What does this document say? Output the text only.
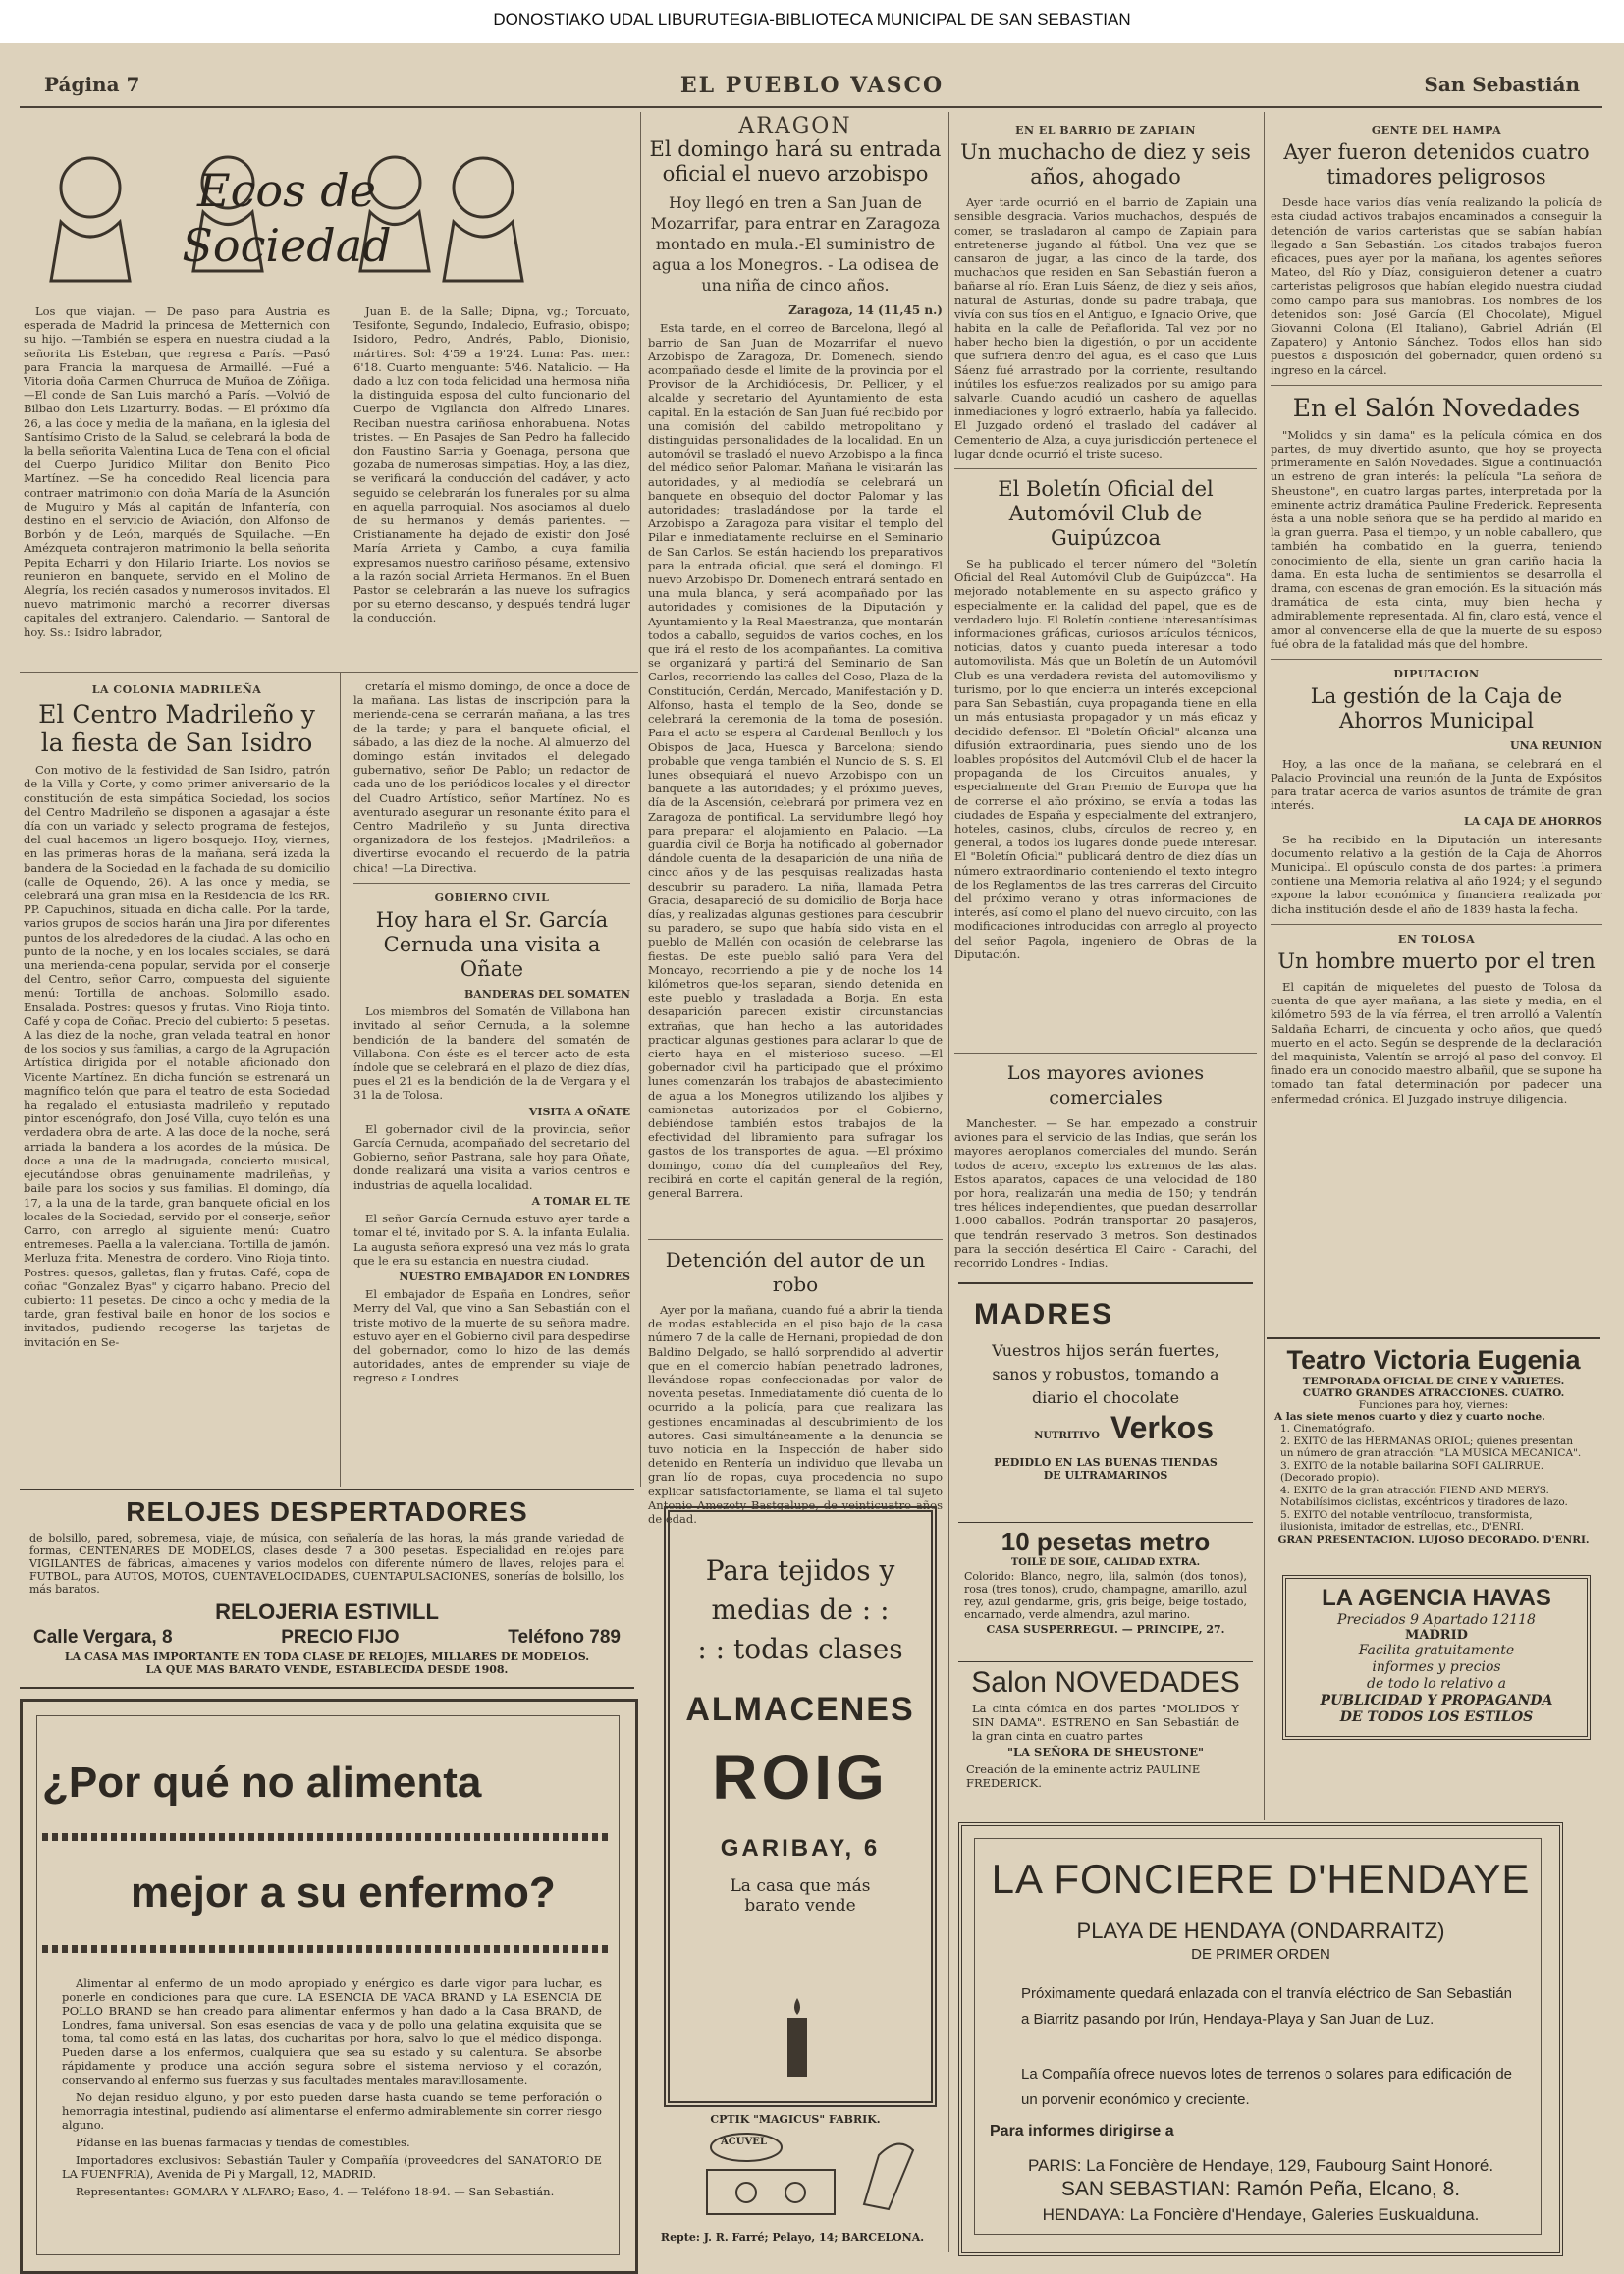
DONOSTIAKO UDAL LIBURUTEGIA-BIBLIOTECA MUNICIPAL DE SAN SEBASTIAN
Página 7	EL PUEBLO VASCO	San Sebastián
Ecos de Sociedad

Los que viajan. — De paso para Austria es esperada de Madrid la princesa de Metternich con su hijo. —También se espera en nuestra ciudad a la señorita Lis Esteban, que regresa a París. —Pasó para Francia la marquesa de Armaillé. —Fué a Vitoria doña Carmen Churruca de Muñoa de Zóñiga. —El conde de San Luis marchó a París. —Volvió de Bilbao don Leis Lizarturry. Bodas. — El próximo día 26, a las doce y media de la mañana, en la iglesia del Santísimo Cristo de la Salud, se celebrará la boda de la bella señorita Valentina Luca de Tena con el oficial del Cuerpo Jurídico Militar don Benito Pico Martínez. —Se ha concedido Real licencia para contraer matrimonio con doña María de la Asunción de Muguiro y Más al capitán de Infantería, con destino en el servicio de Aviación, don Alfonso de Borbón y de León, marqués de Squilache. —En Amézqueta contrajeron matrimonio la bella señorita Pepita Echarri y don Hilario Iriarte. Los novios se reunieron en banquete, servido en el Molino de Alegría, los recién casados y numerosos invitados. El nuevo matrimonio marchó a recorrer diversas capitales del extranjero. Calendario. — Santoral de hoy. Ss.: Isidro labrador,

Juan B. de la Salle; Dipna, vg.; Torcuato, Tesifonte, Segundo, Indalecio, Eufrasio, obispo; Isidoro, Pedro, Andrés, Pablo, Dionisio, mártires. Sol: 4'59 a 19'24. Luna: Pas. mer.: 6'18. Cuarto menguante: 5'46. Natalicio. — Ha dado a luz con toda felicidad una hermosa niña la distinguida esposa del culto funcionario del Cuerpo de Vigilancia don Alfredo Linares. Reciban nuestra cariñosa enhorabuena. Notas tristes. — En Pasajes de San Pedro ha fallecido don Faustino Sarria y Goenaga, persona que gozaba de numerosas simpatías. Hoy, a las diez, se verificará la conducción del cadáver, y acto seguido se celebrarán los funerales por su alma en aquella parroquial. Nos asociamos al duelo de su hermanos y demás parientes. —Cristianamente ha dejado de existir don José María Arrieta y Cambo, a cuya familia expresamos nuestro cariñoso pésame, extensivo a la razón social Arrieta Hermanos. En el Buen Pastor se celebrarán a las nueve los sufragios por su eterno descanso, y después tendrá lugar la conducción.

LA COLONIA MADRILEÑA
El Centro Madrileño y la fiesta de San Isidro

Con motivo de la festividad de San Isidro, patrón de la Villa y Corte, y como primer aniversario de la constitución de esta simpática Sociedad, los socios del Centro Madrileño se disponen a agasajar a éste día con un variado y selecto programa de festejos, del cual hacemos un ligero bosquejo. Hoy, viernes, en las primeras horas de la mañana, será izada la bandera de la Sociedad en la fachada de su domicilio (calle de Oquendo, 26). A las once y media, se celebrará una gran misa en la Residencia de los RR. PP. Capuchinos, situada en dicha calle. Por la tarde, varios grupos de socios harán una Jira por diferentes puntos de los alrededores de la ciudad. A las ocho en punto de la noche, y en los locales sociales, se dará una merienda-cena popular, servida por el conserje del Centro, señor Carro, compuesta del siguiente menú: Tortilla de anchoas. Solomillo asado. Ensalada. Postres: quesos y frutas. Vino Rioja tinto. Café y copa de Coñac. Precio del cubierto: 5 pesetas. A las diez de la noche, gran velada teatral en honor de los socios y sus familias, a cargo de la Agrupación Artística dirigida por el notable aficionado don Vicente Martínez. En dicha función se estrenará un magnífico telón que para el teatro de esta Sociedad ha regalado el entusiasta madrileño y reputado pintor escenógrafo, don José Villa, cuyo telón es una verdadera obra de arte. A las doce de la noche, será arriada la bandera a los acordes de la música. De doce a una de la madrugada, concierto musical, ejecutándose obras genuinamente madrileñas, y baile para los socios y sus familias. El domingo, día 17, a la una de la tarde, gran banquete oficial en los locales de la Sociedad, servido por el conserje, señor Carro, con arreglo al siguiente menú: Cuatro entremeses. Paella a la valenciana. Tortilla de jamón. Merluza frita. Menestra de cordero. Vino Rioja tinto. Postres: quesos, galletas, flan y frutas. Café, copa de coñac "Gonzalez Byas" y cigarro habano. Precio del cubierto: 11 pesetas. De cinco a ocho y media de la tarde, gran festival baile en honor de los socios e invitados, pudiendo recogerse las tarjetas de invitación en Se-

cretaría el mismo domingo, de once a doce de la mañana. Las listas de inscripción para la merienda-cena se cerrarán mañana, a las tres de la tarde; y para el banquete oficial, el sábado, a las diez de la noche. Al almuerzo del domingo están invitados el delegado gubernativo, señor De Pablo; un redactor de cada uno de los periódicos locales y el director del Cuadro Artístico, señor Martínez. No es aventurado asegurar un resonante éxito para el Centro Madrileño y su Junta directiva organizadora de los festejos. ¡Madrileños: a divertirse evocando el recuerdo de la patria chica! —La Directiva.

GOBIERNO CIVIL
Hoy hara el Sr. García Cernuda una visita a Oñate
BANDERAS DEL SOMATEN

Los miembros del Somatén de Villabona han invitado al señor Cernuda, a la solemne bendición de la bandera del somatén de Villabona. Con éste es el tercer acto de esta índole que se celebrará en el plazo de diez días, pues el 21 es la bendición de la de Vergara y el 31 la de Tolosa.

VISITA A OÑATE

El gobernador civil de la provincia, señor García Cernuda, acompañado del secretario del Gobierno, señor Pastrana, sale hoy para Oñate, donde realizará una visita a varios centros e industrias de aquella localidad.

A TOMAR EL TE

El señor García Cernuda estuvo ayer tarde a tomar el té, invitado por S. A. la infanta Eulalia. La augusta señora expresó una vez más lo grata que le era su estancia en nuestra ciudad.

NUESTRO EMBAJADOR EN LONDRES

El embajador de España en Londres, señor Merry del Val, que vino a San Sebastián con el triste motivo de la muerte de su señora madre, estuvo ayer en el Gobierno civil para despedirse del gobernador, como lo hizo de las demás autoridades, antes de emprender su viaje de regreso a Londres.

RELOJES DESPERTADORES
de bolsillo, pared, sobremesa, viaje, de música, con señalería de las horas, la más grande variedad de formas, CENTENARES DE MODELOS, clases desde 7 a 300 pesetas. Especialidad en relojes para VIGILANTES de fábricas, almacenes y varios modelos con diferente número de llaves, relojes para el FUTBOL, para AUTOS, MOTOS, CUENTAVELOCIDADES, CUENTAPULSACIONES, sonerías de bolsillo, los más baratos.
RELOJERIA ESTIVILL
Calle Vergara, 8	PRECIO FIJO	Teléfono 789
LA CASA MAS IMPORTANTE EN TODA CLASE DE RELOJES, MILLARES DE MODELOS.
LA QUE MAS BARATO VENDE, ESTABLECIDA DESDE 1908.
¿Por qué no alimenta
mejor a su enfermo?

Alimentar al enfermo de un modo apropiado y enérgico es darle vigor para luchar, es ponerle en condiciones para que cure. LA ESENCIA DE VACA BRAND y LA ESENCIA DE POLLO BRAND se han creado para alimentar enfermos y han dado a la Casa BRAND, de Londres, fama universal. Son esas esencias de vaca y de pollo una gelatina exquisita que se toma, tal como está en las latas, dos cucharitas por hora, salvo lo que el médico disponga. Pueden darse a los enfermos, cualquiera que sea su estado y su calentura. Se absorbe rápidamente y produce una acción segura sobre el sistema nervioso y el corazón, conservando al enfermo sus fuerzas y sus facultades mentales maravillosamente.

No dejan residuo alguno, y por esto pueden darse hasta cuando se teme perforación o hemorragia intestinal, pudiendo así alimentarse el enfermo admirablemente sin correr riesgo alguno.

Pídanse en las buenas farmacias y tiendas de comestibles.

Importadores exclusivos: Sebastián Tauler y Compañía (proveedores del SANATORIO DE LA FUENFRIA), Avenida de Pi y Margall, 12, MADRID.

Representantes: GOMARA Y ALFARO; Easo, 4. — Teléfono 18-94. — San Sebastián.

ARAGON
El domingo hará su entrada oficial el nuevo arzobispo
Hoy llegó en tren a San Juan de Mozarrifar, para entrar en Zaragoza montado en mula.-El suministro de agua a los Monegros. - La odisea de una niña de cinco años.
Zaragoza, 14 (11,45 n.)

Esta tarde, en el correo de Barcelona, llegó al barrio de San Juan de Mozarrifar el nuevo Arzobispo de Zaragoza, Dr. Domenech, siendo acompañado desde el límite de la provincia por el Provisor de la Archidiócesis, Dr. Pellicer, y el alcalde y secretario del Ayuntamiento de esta capital. En la estación de San Juan fué recibido por una comisión del cabildo metropolitano y distinguidas personalidades de la localidad. En un automóvil se trasladó el nuevo Arzobispo a la finca del médico señor Palomar. Mañana le visitarán las autoridades, y al mediodía se celebrará un banquete en obsequio del doctor Palomar y las autoridades; trasladándose por la tarde el Arzobispo a Zaragoza para visitar el templo del Pilar e inmediatamente recluirse en el Seminario de San Carlos. Se están haciendo los preparativos para la entrada oficial, que será el domingo. El nuevo Arzobispo Dr. Domenech entrará sentado en una mula blanca, y será acompañado por las autoridades y comisiones de la Diputación y Ayuntamiento y la Real Maestranza, que montarán todos a caballo, seguidos de varios coches, en los que irá el resto de los acompañantes. La comitiva se organizará y partirá del Seminario de San Carlos, recorriendo las calles del Coso, Plaza de la Constitución, Cerdán, Mercado, Manifestación y D. Alfonso, hasta el templo de la Seo, donde se celebrará la ceremonia de la toma de posesión. Para el acto se espera al Cardenal Benlloch y los Obispos de Jaca, Huesca y Barcelona; siendo probable que venga también el Nuncio de S. S. El lunes obsequiará el nuevo Arzobispo con un banquete a las autoridades; y el próximo jueves, día de la Ascensión, celebrará por primera vez en Zaragoza de pontifical. La servidumbre llegó hoy para preparar el alojamiento en Palacio. —La guardia civil de Borja ha notificado al gobernador dándole cuenta de la desaparición de una niña de cinco años y de las pesquisas realizadas hasta descubrir su paradero. La niña, llamada Petra Gracia, desapareció de su domicilio de Borja hace días, y realizadas algunas gestiones para descubrir su paradero, se supo que había sido vista en el pueblo de Mallén con ocasión de celebrarse las fiestas. De este pueblo salió para Vera del Moncayo, recorriendo a pie y de noche los 14 kilómetros que-los separan, siendo detenida en este pueblo y trasladada a Borja. En esta desaparición parecen existir circunstancias extrañas, que han hecho a las autoridades practicar algunas gestiones para aclarar lo que de cierto haya en el misterioso suceso. —El gobernador civil ha participado que el próximo lunes comenzarán los trabajos de abastecimiento de agua a los Monegros utilizando los aljibes y camionetas autorizados por el Gobierno, debiéndose también estos trabajos de la efectividad del libramiento para sufragar los gastos de los transportes de agua. —El próximo domingo, como día del cumpleaños del Rey, recibirá en corte el capitán general de la región, general Barrera.

Detención del autor de un robo

Ayer por la mañana, cuando fué a abrir la tienda de modas establecida en el piso bajo de la casa número 7 de la calle de Hernani, propiedad de don Baldino Delgado, se halló sorprendido al advertir que en el comercio habían penetrado ladrones, llevándose ropas confeccionadas por valor de noventa pesetas. Inmediatamente dió cuenta de lo ocurrido a la policía, para que realizara las gestiones encaminadas al descubrimiento de los autores. Casi simultáneamente a la denuncia se tuvo noticia en la Inspección de haber sido detenido en Rentería un individuo que llevaba un gran lío de ropas, cuya procedencia no supo explicar satisfactoriamente, se llama el tal sujeto Antonio Amezoty Bastgalupe, de veinticuatro años de edad.

Para tejidos y
medias de : :
: : todas clases
ALMACENES
ROIG
GARIBAY, 6
La casa que más
barato vende
CPTIK "MAGICUS" FABRIK.
ACUVEL
Repte: J. R. Farré; Pelayo, 14; BARCELONA.
EN EL BARRIO DE ZAPIAIN
Un muchacho de diez y seis años, ahogado

Ayer tarde ocurrió en el barrio de Zapiain una sensible desgracia. Varios muchachos, después de comer, se trasladaron al campo de Zapiain para entretenerse jugando al fútbol. Una vez que se cansaron de jugar, a las cinco de la tarde, dos muchachos que residen en San Sebastián fueron a bañarse al río. Eran Luis Sáenz, de diez y seis años, natural de Asturias, donde su padre trabaja, que vivía con sus tíos en el Antiguo, e Ignacio Orive, que habita en la calle de Peñaflorida. Tal vez por no haber hecho bien la digestión, o por un accidente que sufriera dentro del agua, es el caso que Luis Sáenz fué arrastrado por la corriente, resultando inútiles los esfuerzos realizados por su amigo para salvarle. Cuando acudió un cashero de aquellas inmediaciones y logró extraerlo, había ya fallecido. El Juzgado ordenó el traslado del cadáver al Cementerio de Alza, a cuya jurisdicción pertenece el lugar donde ocurrió el triste suceso.

El Boletín Oficial del Automóvil Club de Guipúzcoa

Se ha publicado el tercer número del "Boletín Oficial del Real Automóvil Club de Guipúzcoa". Ha mejorado notablemente en su aspecto gráfico y especialmente en la calidad del papel, que es de verdadero lujo. El Boletín contiene interesantísimas informaciones gráficas, curiosos artículos técnicos, noticias, datos y cuanto pueda interesar a todo automovilista. Más que un Boletín de un Automóvil Club es una verdadera revista del automovilismo y turismo, por lo que encierra un interés excepcional para San Sebastián, cuya propaganda tiene en ella un más entusiasta propagador y un más eficaz y decidido defensor. El "Boletín Oficial" alcanza una difusión extraordinaria, pues siendo uno de los loables propósitos del Automóvil Club el de hacer la propaganda de los Circuitos anuales, y especialmente del Gran Premio de Europa que ha de correrse el año próximo, se envía a todas las ciudades de España y especialmente del extranjero, hoteles, casinos, clubs, círculos de recreo y, en general, a todos los lugares donde puede interesar. El "Boletín Oficial" publicará dentro de diez días un número extraordinario conteniendo el texto íntegro de los Reglamentos de las tres carreras del Circuito del próximo verano y otras informaciones de interés, así como el plano del nuevo circuito, con las modificaciones introducidas con arreglo al proyecto del señor Pagola, ingeniero de Obras de la Diputación.

Los mayores aviones comerciales

Manchester. — Se han empezado a construir aviones para el servicio de las Indias, que serán los mayores aeroplanos comerciales del mundo. Serán todos de acero, excepto los extremos de las alas. Estos aparatos, capaces de una velocidad de 180 por hora, realizarán una media de 150; y tendrán tres hélices independientes, que puedan desarrollar 1.000 caballos. Podrán transportar 20 pasajeros, que tendrán reservado 3 metros. Son destinados para la sección desértica El Cairo - Carachi, del recorrido Londres - Indias.

MADRES
Vuestros hijos serán fuertes, sanos y robustos, tomando a diario el chocolate
NUTRITIVO Verkos
PEDIDLO EN LAS BUENAS TIENDAS DE ULTRAMARINOS
10 pesetas metro
TOILE DE SOIE, CALIDAD EXTRA.
Colorido: Blanco, negro, lila, salmón (dos tonos), rosa (tres tonos), crudo, champagne, amarillo, azul rey, azul gendarme, gris, gris beige, beige tostado, encarnado, verde almendra, azul marino.
CASA SUSPERREGUI. — PRINCIPE, 27.
Salon NOVEDADES
La cinta cómica en dos partes "MOLIDOS Y SIN DAMA". ESTRENO en San Sebastián de la gran cinta en cuatro partes
"LA SEÑORA DE SHEUSTONE"
Creación de la eminente actriz PAULINE FREDERICK.
GENTE DEL HAMPA
Ayer fueron detenidos cuatro timadores peligrosos

Desde hace varios días venía realizando la policía de esta ciudad activos trabajos encaminados a conseguir la detención de varios carteristas que se sabían habían llegado a San Sebastián. Los citados trabajos fueron eficaces, pues ayer por la mañana, los agentes señores Mateo, del Río y Díaz, consiguieron detener a cuatro carteristas peligrosos que habían elegido nuestra ciudad como campo para sus maniobras. Los nombres de los detenidos son: José García (El Chocolate), Miguel Giovanni Colona (El Italiano), Gabriel Adrián (El Zapatero) y Antonio Sánchez. Todos ellos han sido puestos a disposición del gobernador, quien ordenó su ingreso en la cárcel.

En el Salón Novedades

"Molidos y sin dama" es la película cómica en dos partes, de muy divertido asunto, que hoy se proyecta primeramente en Salón Novedades. Sigue a continuación un estreno de gran interés: la película "La señora de Sheustone", en cuatro largas partes, interpretada por la eminente actriz dramática Pauline Frederick. Representa ésta a una noble señora que se ha perdido al marido en la gran guerra. Pasa el tiempo, y un noble caballero, que también ha combatido en la guerra, teniendo conocimiento de ella, siente un gran cariño hacia la dama. En esta lucha de sentimientos se desarrolla el drama, con escenas de gran emoción. Es la situación más dramática de esta cinta, muy bien hecha y admirablemente representada. Al fin, claro está, vence el amor al convencerse ella de que la muerte de su esposo fué obra de la fatalidad más que del hombre.

DIPUTACION
La gestión de la Caja de Ahorros Municipal
UNA REUNION

Hoy, a las once de la mañana, se celebrará en el Palacio Provincial una reunión de la Junta de Expósitos para tratar acerca de varios asuntos de trámite de gran interés.

LA CAJA DE AHORROS

Se ha recibido en la Diputación un interesante documento relativo a la gestión de la Caja de Ahorros Municipal. El opúsculo consta de dos partes: la primera contiene una Memoria relativa al año 1924; y el segundo expone la labor económica y financiera realizada por dicha institución desde el año de 1839 hasta la fecha.

EN TOLOSA
Un hombre muerto por el tren

El capitán de miqueletes del puesto de Tolosa da cuenta de que ayer mañana, a las siete y media, en el kilómetro 593 de la vía férrea, el tren arrolló a Valentín Saldaña Echarri, de cincuenta y ocho años, que quedó muerto en el acto. Según se desprende de la declaración del maquinista, Valentín se arrojó al paso del convoy. El finado era un conocido maestro albañil, que se supone ha tomado tan fatal determinación por padecer una enfermedad crónica. El Juzgado instruye diligencia.

Teatro Victoria Eugenia
TEMPORADA OFICIAL DE CINE Y VARIETES.
CUATRO GRANDES ATRACCIONES. CUATRO.
Funciones para hoy, viernes:
A las siete menos cuarto y diez y cuarto noche.
1. Cinematógrafo.
2. EXITO de las HERMANAS ORIOL; quienes presentan un número de gran atracción: "LA MUSICA MECANICA".
3. EXITO de la notable bailarina SOFI GALIRRUE. (Decorado propio).
4. EXITO de la gran atracción FIEND AND MERYS. Notabilísimos ciclistas, excéntricos y tiradores de lazo.
5. EXITO del notable ventrílocuo, transformista, ilusionista, imitador de estrellas, etc., D'ENRI.
GRAN PRESENTACION. LUJOSO DECORADO. D'ENRI.
LA AGENCIA HAVAS
Preciados 9 Apartado 12118
MADRID
Facilita gratuitamente
informes y precios
de todo lo relativo a
PUBLICIDAD Y PROPAGANDA
DE TODOS LOS ESTILOS
LA FONCIERE D'HENDAYE
PLAYA DE HENDAYA (ONDARRAITZ)
DE PRIMER ORDEN
Próximamente quedará enlazada con el tranvía eléctrico de San Sebastián a Biarritz pasando por Irún, Hendaya-Playa y San Juan de Luz.
La Compañía ofrece nuevos lotes de terrenos o solares para edificación de un porvenir económico y creciente.
Para informes dirigirse a
PARIS: La Foncière de Hendaye, 129, Faubourg Saint Honoré.
SAN SEBASTIAN: Ramón Peña, Elcano, 8.
HENDAYA: La Foncière d'Hendaye, Galeries Euskualduna.
